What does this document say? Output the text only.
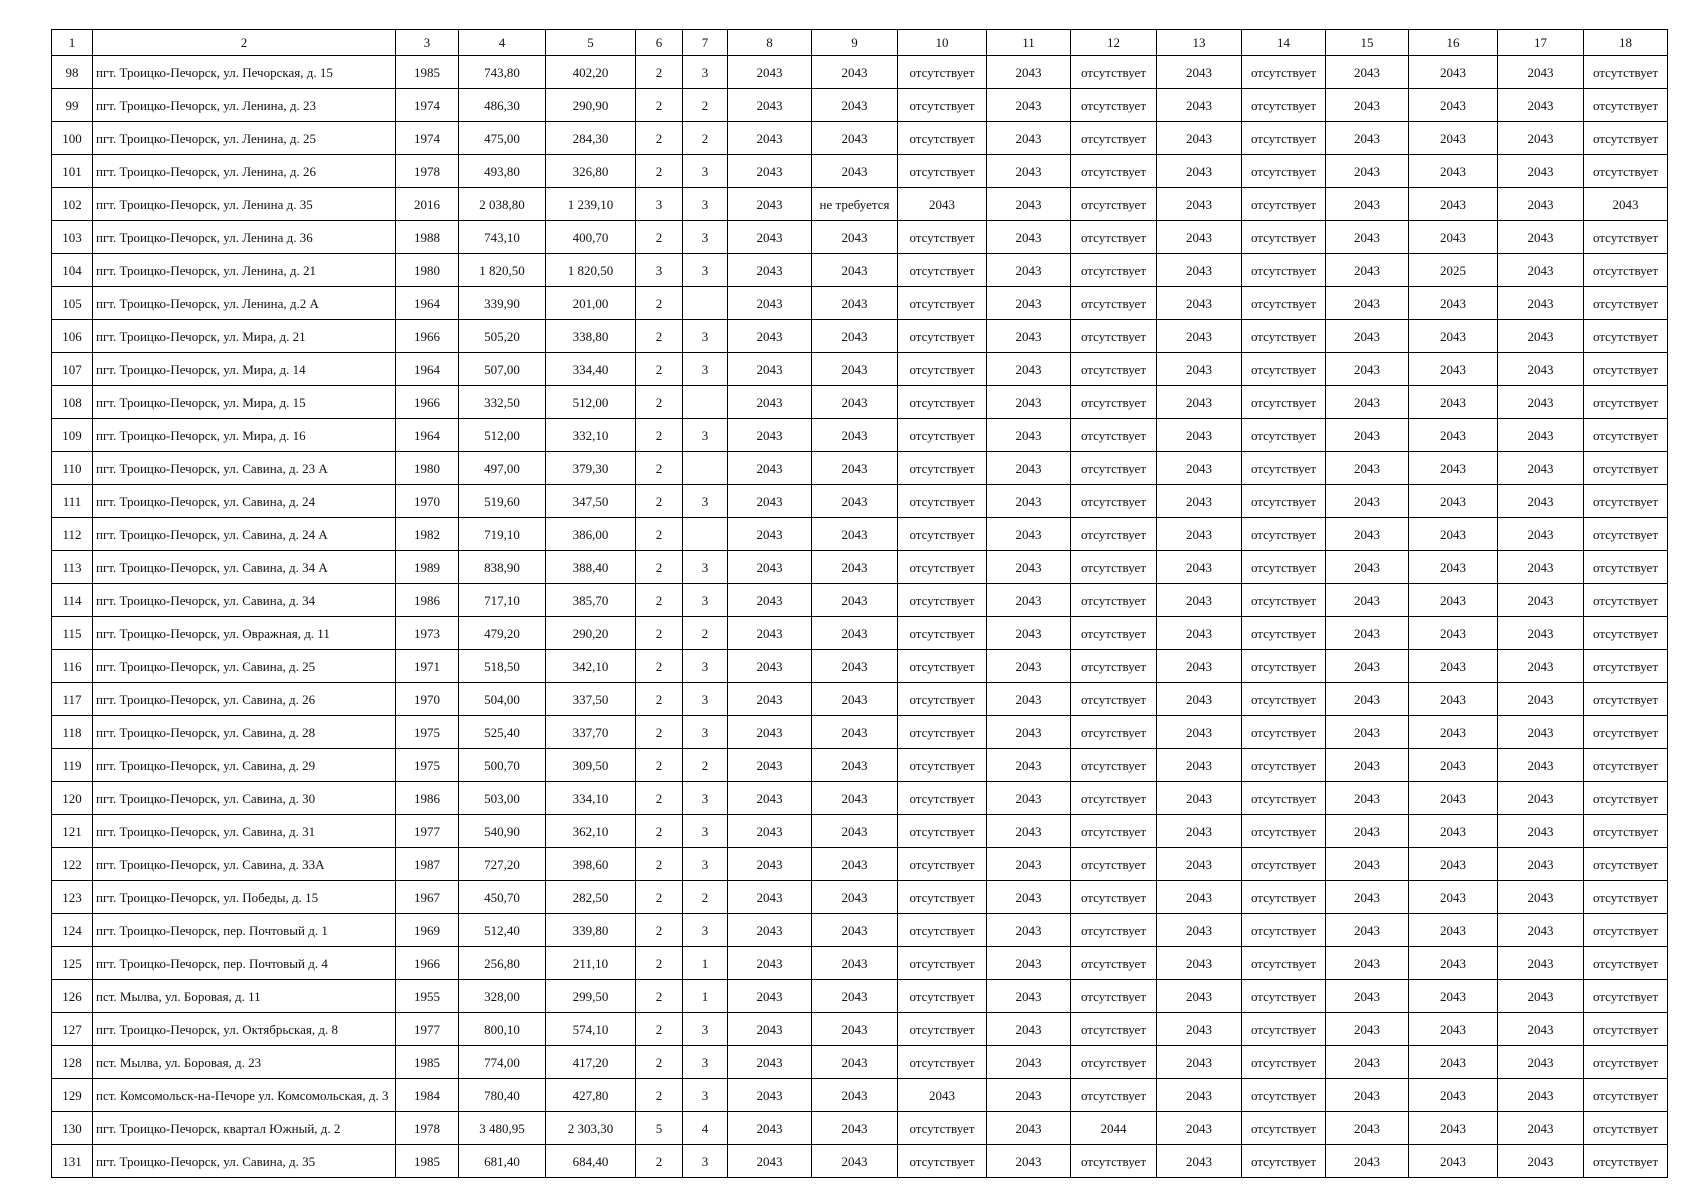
1	2	3	4	5	6	7	8	9	10	11	12	13	14	15	16	17	18
98	пгт. Троицко-Печорск, ул. Печорская, д. 15	1985	743,80	402,20	2	3	2043	2043	отсутствует	2043	отсутствует	2043	отсутствует	2043	2043	2043	отсутствует
99	пгт. Троицко-Печорск, ул. Ленина, д. 23	1974	486,30	290,90	2	2	2043	2043	отсутствует	2043	отсутствует	2043	отсутствует	2043	2043	2043	отсутствует
100	пгт. Троицко-Печорск, ул. Ленина, д. 25	1974	475,00	284,30	2	2	2043	2043	отсутствует	2043	отсутствует	2043	отсутствует	2043	2043	2043	отсутствует
101	пгт. Троицко-Печорск, ул. Ленина, д. 26	1978	493,80	326,80	2	3	2043	2043	отсутствует	2043	отсутствует	2043	отсутствует	2043	2043	2043	отсутствует
102	пгт. Троицко-Печорск, ул. Ленина д. 35	2016	2 038,80	1 239,10	3	3	2043	не требуется	2043	2043	отсутствует	2043	отсутствует	2043	2043	2043	2043
103	пгт. Троицко-Печорск, ул. Ленина д. 36	1988	743,10	400,70	2	3	2043	2043	отсутствует	2043	отсутствует	2043	отсутствует	2043	2043	2043	отсутствует
104	пгт. Троицко-Печорск, ул. Ленина, д. 21	1980	1 820,50	1 820,50	3	3	2043	2043	отсутствует	2043	отсутствует	2043	отсутствует	2043	2025	2043	отсутствует
105	пгт. Троицко-Печорск, ул. Ленина, д.2 А	1964	339,90	201,00	2		2043	2043	отсутствует	2043	отсутствует	2043	отсутствует	2043	2043	2043	отсутствует
106	пгт. Троицко-Печорск, ул. Мира, д. 21	1966	505,20	338,80	2	3	2043	2043	отсутствует	2043	отсутствует	2043	отсутствует	2043	2043	2043	отсутствует
107	пгт. Троицко-Печорск, ул. Мира, д. 14	1964	507,00	334,40	2	3	2043	2043	отсутствует	2043	отсутствует	2043	отсутствует	2043	2043	2043	отсутствует
108	пгт. Троицко-Печорск, ул. Мира, д. 15	1966	332,50	512,00	2		2043	2043	отсутствует	2043	отсутствует	2043	отсутствует	2043	2043	2043	отсутствует
109	пгт. Троицко-Печорск, ул. Мира, д. 16	1964	512,00	332,10	2	3	2043	2043	отсутствует	2043	отсутствует	2043	отсутствует	2043	2043	2043	отсутствует
110	пгт. Троицко-Печорск, ул. Савина, д. 23 А	1980	497,00	379,30	2		2043	2043	отсутствует	2043	отсутствует	2043	отсутствует	2043	2043	2043	отсутствует
111	пгт. Троицко-Печорск, ул. Савина, д. 24	1970	519,60	347,50	2	3	2043	2043	отсутствует	2043	отсутствует	2043	отсутствует	2043	2043	2043	отсутствует
112	пгт. Троицко-Печорск, ул. Савина, д. 24 А	1982	719,10	386,00	2		2043	2043	отсутствует	2043	отсутствует	2043	отсутствует	2043	2043	2043	отсутствует
113	пгт. Троицко-Печорск, ул. Савина, д. 34 А	1989	838,90	388,40	2	3	2043	2043	отсутствует	2043	отсутствует	2043	отсутствует	2043	2043	2043	отсутствует
114	пгт. Троицко-Печорск, ул. Савина, д. 34	1986	717,10	385,70	2	3	2043	2043	отсутствует	2043	отсутствует	2043	отсутствует	2043	2043	2043	отсутствует
115	пгт. Троицко-Печорск, ул. Овражная, д. 11	1973	479,20	290,20	2	2	2043	2043	отсутствует	2043	отсутствует	2043	отсутствует	2043	2043	2043	отсутствует
116	пгт. Троицко-Печорск, ул. Савина, д. 25	1971	518,50	342,10	2	3	2043	2043	отсутствует	2043	отсутствует	2043	отсутствует	2043	2043	2043	отсутствует
117	пгт. Троицко-Печорск, ул. Савина, д. 26	1970	504,00	337,50	2	3	2043	2043	отсутствует	2043	отсутствует	2043	отсутствует	2043	2043	2043	отсутствует
118	пгт. Троицко-Печорск, ул. Савина, д. 28	1975	525,40	337,70	2	3	2043	2043	отсутствует	2043	отсутствует	2043	отсутствует	2043	2043	2043	отсутствует
119	пгт. Троицко-Печорск, ул. Савина, д. 29	1975	500,70	309,50	2	2	2043	2043	отсутствует	2043	отсутствует	2043	отсутствует	2043	2043	2043	отсутствует
120	пгт. Троицко-Печорск, ул. Савина, д. 30	1986	503,00	334,10	2	3	2043	2043	отсутствует	2043	отсутствует	2043	отсутствует	2043	2043	2043	отсутствует
121	пгт. Троицко-Печорск, ул. Савина, д. 31	1977	540,90	362,10	2	3	2043	2043	отсутствует	2043	отсутствует	2043	отсутствует	2043	2043	2043	отсутствует
122	пгт. Троицко-Печорск, ул. Савина, д. 33А	1987	727,20	398,60	2	3	2043	2043	отсутствует	2043	отсутствует	2043	отсутствует	2043	2043	2043	отсутствует
123	пгт. Троицко-Печорск, ул. Победы, д. 15	1967	450,70	282,50	2	2	2043	2043	отсутствует	2043	отсутствует	2043	отсутствует	2043	2043	2043	отсутствует
124	пгт. Троицко-Печорск, пер. Почтовый д. 1	1969	512,40	339,80	2	3	2043	2043	отсутствует	2043	отсутствует	2043	отсутствует	2043	2043	2043	отсутствует
125	пгт. Троицко-Печорск, пер. Почтовый д. 4	1966	256,80	211,10	2	1	2043	2043	отсутствует	2043	отсутствует	2043	отсутствует	2043	2043	2043	отсутствует
126	пст. Мылва, ул. Боровая, д. 11	1955	328,00	299,50	2	1	2043	2043	отсутствует	2043	отсутствует	2043	отсутствует	2043	2043	2043	отсутствует
127	пгт. Троицко-Печорск, ул. Октябрьская, д. 8	1977	800,10	574,10	2	3	2043	2043	отсутствует	2043	отсутствует	2043	отсутствует	2043	2043	2043	отсутствует
128	пст. Мылва, ул. Боровая, д. 23	1985	774,00	417,20	2	3	2043	2043	отсутствует	2043	отсутствует	2043	отсутствует	2043	2043	2043	отсутствует
129	пст. Комсомольск-на-Печоре ул. Комсомольская, д. 3	1984	780,40	427,80	2	3	2043	2043	2043	2043	отсутствует	2043	отсутствует	2043	2043	2043	отсутствует
130	пгт. Троицко-Печорск, квартал Южный, д. 2	1978	3 480,95	2 303,30	5	4	2043	2043	отсутствует	2043	2044	2043	отсутствует	2043	2043	2043	отсутствует
131	пгт. Троицко-Печорск, ул. Савина, д. 35	1985	681,40	684,40	2	3	2043	2043	отсутствует	2043	отсутствует	2043	отсутствует	2043	2043	2043	отсутствует
